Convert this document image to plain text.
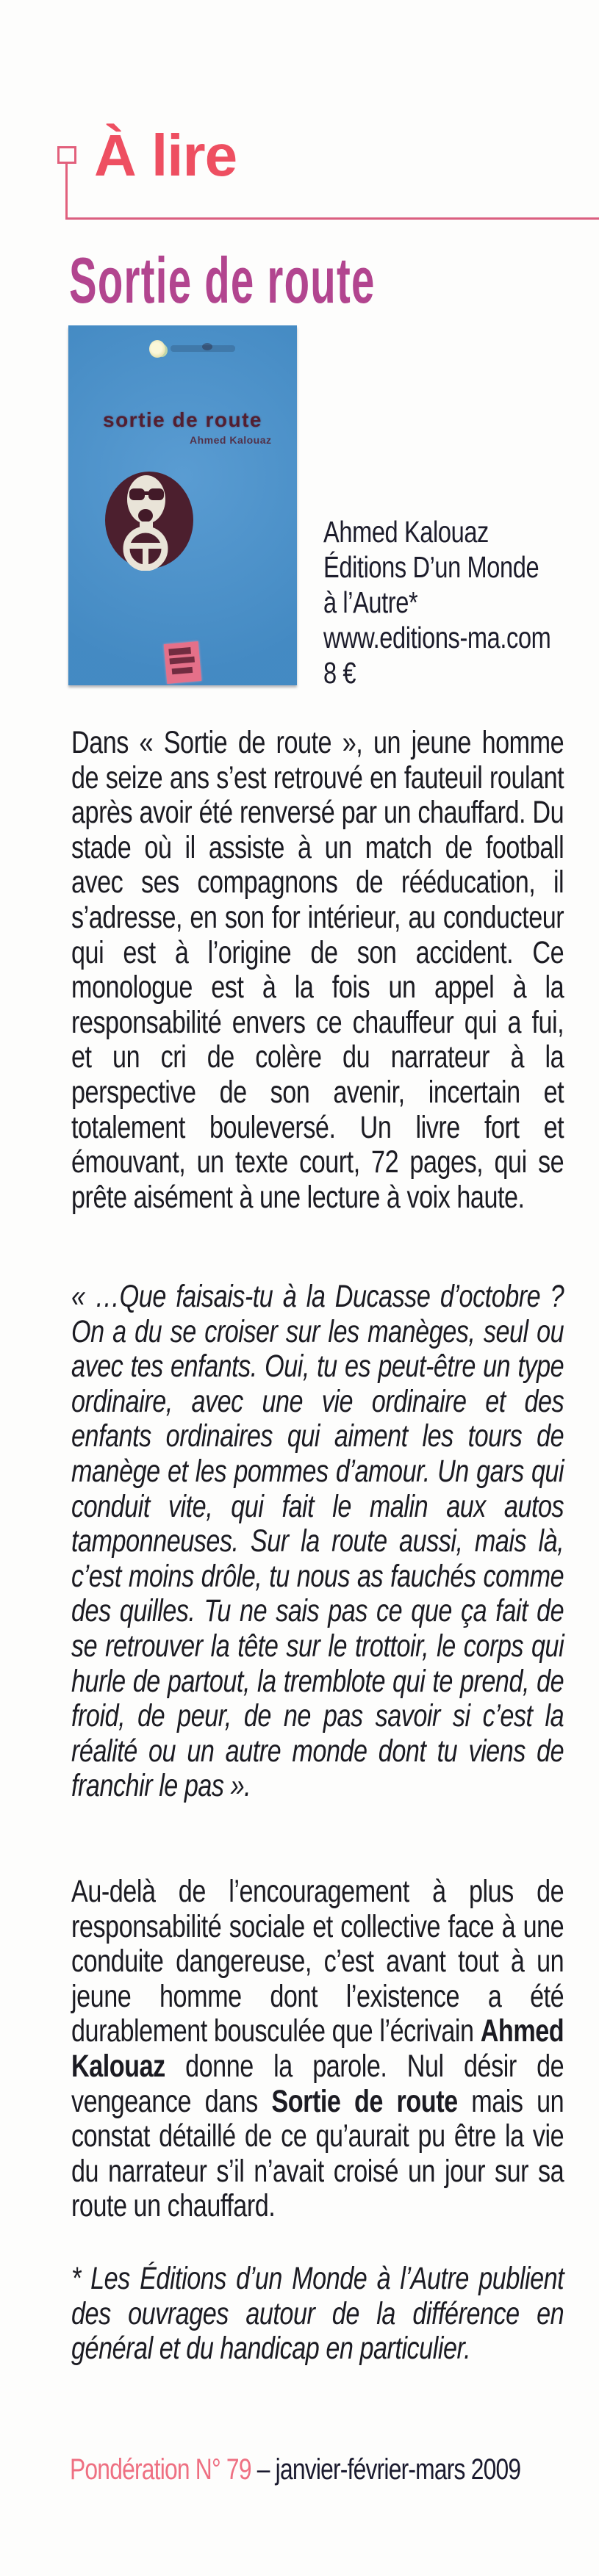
À lire
Sortie de route
sortie de route
Ahmed Kalouaz
Ahmed Kalouaz
Éditions D’un Monde
à l’Autre*
www.editions-ma.com
8 €
Dans « Sortie de route », un jeune homme de seize ans s’est retrouvé en fauteuil roulant après avoir été renversé par un chauffard. Du stade où il assiste à un match de football avec ses compagnons de rééducation, il s’adresse, en son for intérieur, au conducteur qui est à l’origine de son accident. Ce monologue est à la fois un appel à la responsabilité envers ce chauffeur qui a fui, et un cri de colère du narrateur à la perspective de son avenir, incertain et totalement bouleversé. Un livre fort et émouvant, un texte court, 72 pages, qui se prête aisément à une lecture à voix haute.
« …Que faisais-tu à la Ducasse d’octobre ? On a du se croiser sur les manèges, seul ou avec tes enfants. Oui, tu es peut-être un type ordinaire, avec une vie ordinaire et des enfants ordinaires qui aiment les tours de manège et les pommes d’amour. Un gars qui conduit vite, qui fait le malin aux autos tamponneuses. Sur la route aussi, mais là, c’est moins drôle, tu nous as fauchés comme des quilles. Tu ne sais pas ce que ça fait de se retrouver la tête sur le trottoir, le corps qui hurle de partout, la tremblote qui te prend, de froid, de peur, de ne pas savoir si c’est la réalité ou un autre monde dont tu viens de franchir le pas ».
Au-delà de l’encouragement à plus de responsabilité sociale et collective face à une conduite dangereuse, c’est avant tout à un jeune homme dont l’existence a été durablement bousculée que l’écrivain Ahmed Kalouaz donne la parole. Nul désir de vengeance dans Sortie de route mais un constat détaillé de ce qu’aurait pu être la vie du narrateur s’il n’avait croisé un jour sur sa route un chauffard.
* Les Éditions d’un Monde à l’Autre publient des ouvrages autour de la différence en général et du handicap en particulier.
Pondération N° 79 – janvier-février-mars 2009
